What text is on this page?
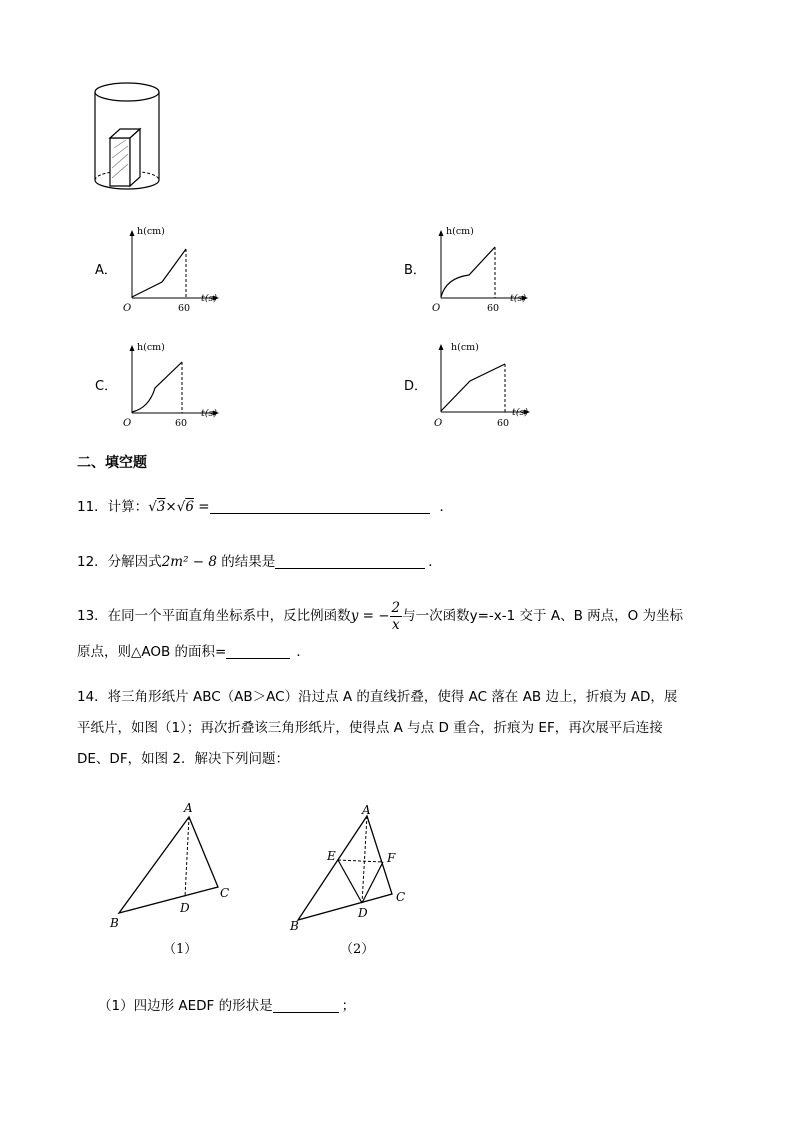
A．
h(cm)
t(s)
O	60
B．
h(cm)
t(s)
O	60
C．
h(cm)
t(s)
O	60
D．
h(cm)
t(s)
O	60
二、填空题
11．计算：√3×√6 =	．
12．分解因式2m² − 8 的结果是	．
13．在同一个平面直角坐标系中，反比例函数y = − $\frac{2}{x}$ 与一次函数y=-x-1 交于 A、B 两点，O 为坐标
原点，则△AOB 的面积=	．
14．将三角形纸片 ABC（AB＞AC）沿过点 A 的直线折叠，使得 AC 落在 AB 边上，折痕为 AD，展
平纸片，如图（1）；再次折叠该三角形纸片，使得点 A 与点 D 重合，折痕为 EF，再次展平后连接
DE、DF，如图 2．解决下列问题：
A
B
C
D
（1）
A
B
C
D
E	F
（2）
（1）四边形 AEDF 的形状是	；
